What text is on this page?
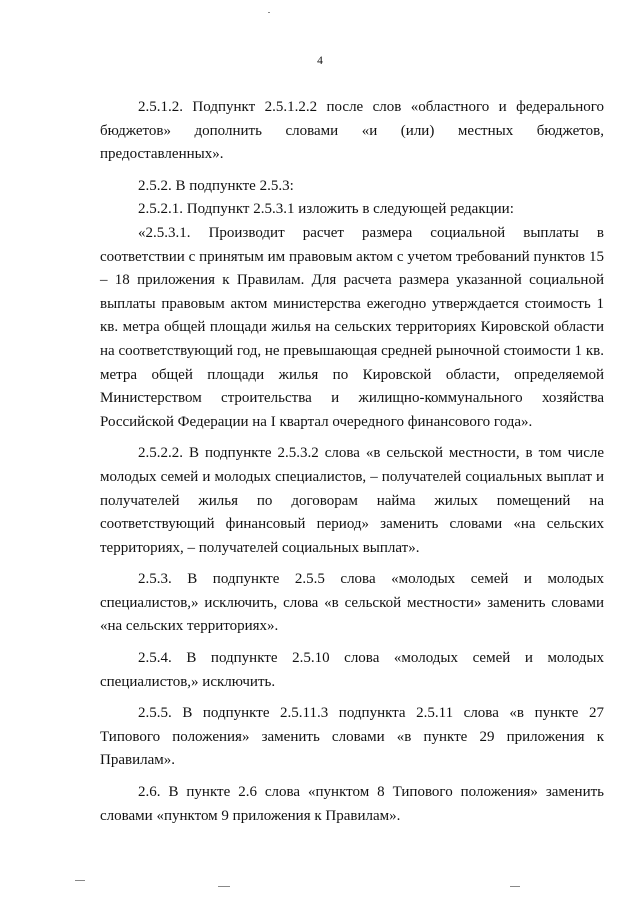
4

2.5.1.2. Подпункт 2.5.1.2.2 после слов «областного и федерального бюджетов» дополнить словами «и (или) местных бюджетов, предоставленных».

2.5.2. В подпункте 2.5.3:

2.5.2.1. Подпункт 2.5.3.1 изложить в следующей редакции:

«2.5.3.1. Производит расчет размера социальной выплаты в соответствии с принятым им правовым актом с учетом требований пунктов 15 – 18 приложения к Правилам. Для расчета размера указанной социальной выплаты правовым актом министерства ежегодно утверждается стоимость 1 кв. метра общей площади жилья на сельских территориях Кировской области на соответствующий год, не превышающая средней рыночной стоимости 1 кв. метра общей площади жилья по Кировской области, определяемой Министерством строительства и жилищно-коммунального хозяйства Российской Федерации на I квартал очередного финансового года».

2.5.2.2. В подпункте 2.5.3.2 слова «в сельской местности, в том числе молодых семей и молодых специалистов, – получателей социальных выплат и получателей жилья по договорам найма жилых помещений на соответствующий финансовый период» заменить словами «на сельских территориях, – получателей социальных выплат».

2.5.3. В подпункте 2.5.5 слова «молодых семей и молодых специалистов,» исключить, слова «в сельской местности» заменить словами «на сельских территориях».

2.5.4. В подпункте 2.5.10 слова «молодых семей и молодых специалистов,» исключить.

2.5.5. В подпункте 2.5.11.3 подпункта 2.5.11 слова «в пункте 27 Типового положения» заменить словами «в пункте 29 приложения к Правилам».

2.6. В пункте 2.6 слова «пунктом 8 Типового положения» заменить словами «пунктом 9 приложения к Правилам».
